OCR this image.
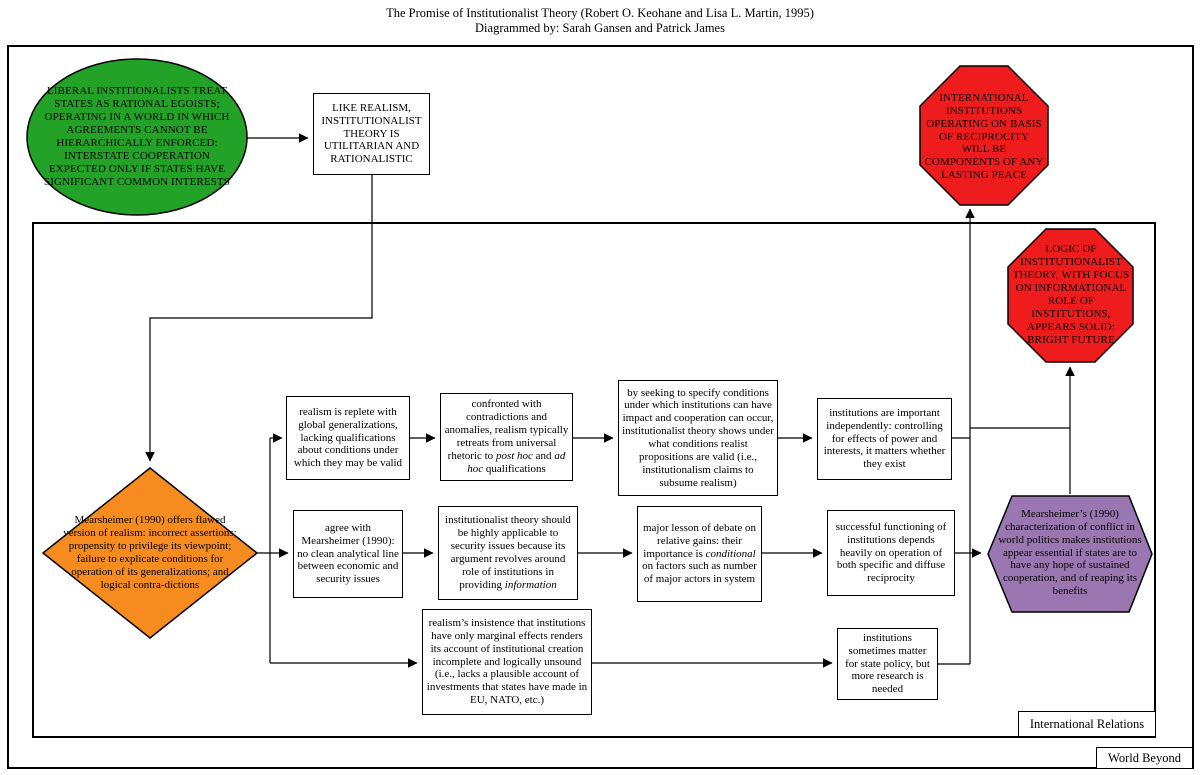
The Promise of Institutionalist Theory (Robert O. Keohane and Lisa L. Martin, 1995)
Diagrammed by: Sarah Gansen and Patrick James
LIBERAL INSTITIONALISTS TREAT STATES AS RATIONAL EGOISTS; OPERATING IN A WORLD IN WHICH AGREEMENTS CANNOT BE HIERARCHICALLY ENFORCED: INTERSTATE COOPERATION EXPECTED ONLY IF STATES HAVE SIGNIFICANT COMMON INTERESTS
INTERNATIONAL INSTITUTIONS OPERATING ON BASIS OF RECIPROCITY WILL BE COMPONENTS OF ANY LASTING PEACE
LOGIC OF INSTITUTIONALIST THEORY, WITH FOCUS ON INFORMATIONAL ROLE OF INSTITUTIONS, APPEARS SOLID: BRIGHT FUTURE
Mearsheimer (1990) offers flawed version of realism: incorrect assertions; propensity to privilege its viewpoint; failure to explicate conditions for operation of its generalizations; and logical contra-dictions
Mearsheimer’s (1990) characterization of conflict in world politics makes institutions appear essential if states are to have any hope of sustained cooperation, and of reaping its benefits
LIKE REALISM, INSTITUTIONALIST THEORY IS UTILITARIAN AND RATIONALISTIC
realism is replete with global generalizations, lacking qualifications about conditions under which they may be valid
confronted with contradictions and anomalies, realism typically retreats from universal rhetoric to post hoc and ad hoc qualifications
by seeking to specify conditions under which institutions can have impact and cooperation can occur, institutionalist theory shows under what conditions realist propositions are valid (i.e., institutionalism claims to subsume realism)
institutions are important independently: controlling for effects of power and interests, it matters whether they exist
agree with Mearsheimer (1990): no clean analytical line between economic and security issues
institutionalist theory should be highly applicable to security issues because its argument revolves around role of institutions in providing information
major lesson of debate on relative gains: their importance is conditional on factors such as number of major actors in system
successful functioning of institutions depends heavily on operation of both specific and diffuse reciprocity
realism’s insistence that institutions have only marginal effects renders its account of institutional creation incomplete and logically unsound (i.e., lacks a plausible account of investments that states have made in EU, NATO, etc.)
institutions sometimes matter for state policy, but more research is needed
International Relations
World Beyond
